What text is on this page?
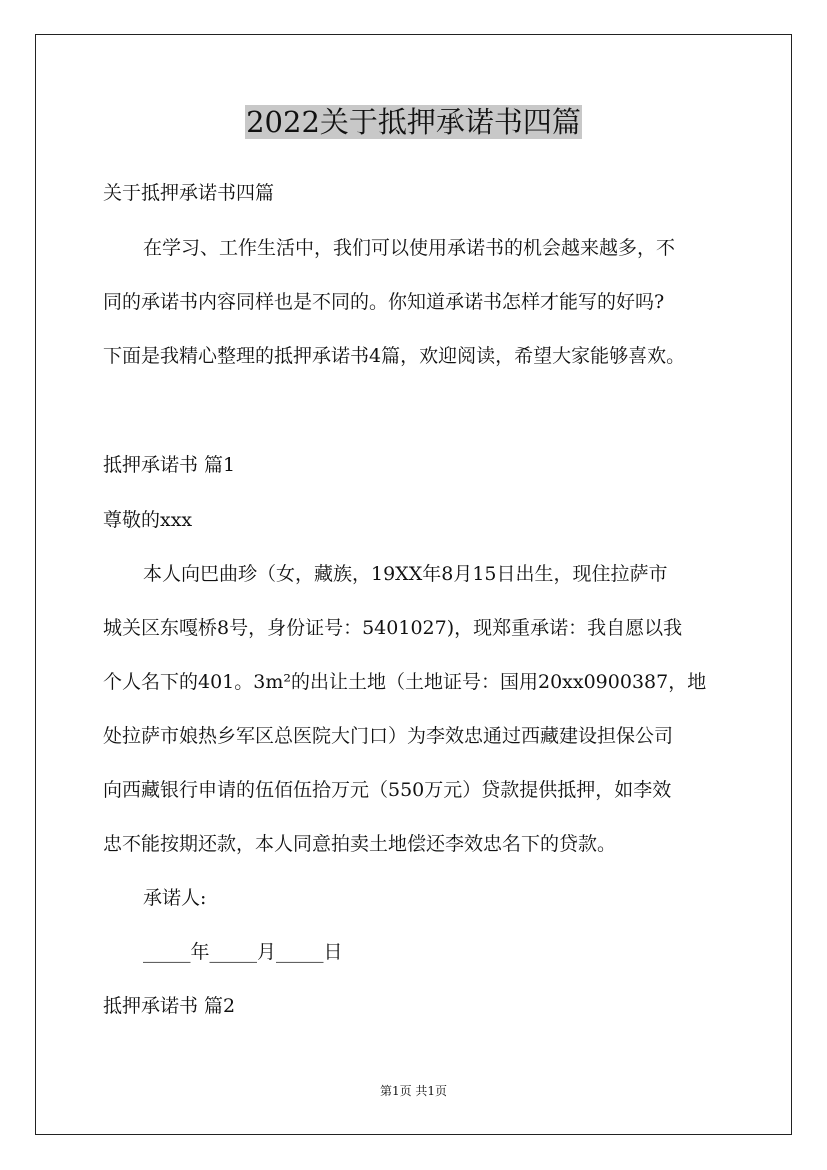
2022关于抵押承诺书四篇

关于抵押承诺书四篇

在学习、工作生活中，我们可以使用承诺书的机会越来越多，不

同的承诺书内容同样也是不同的。你知道承诺书怎样才能写的好吗?

下面是我精心整理的抵押承诺书4篇，欢迎阅读，希望大家能够喜欢。

抵押承诺书 篇1

尊敬的xxx

本人向巴曲珍（女，藏族，19XX年8月15日出生，现住拉萨市

城关区东嘎桥8号，身份证号：5401027)，现郑重承诺：我自愿以我

个人名下的401。3m²的出让土地（土地证号：国用20xx0900387，地

处拉萨市娘热乡军区总医院大门口）为李效忠通过西藏建设担保公司

向西藏银行申请的伍佰伍拾万元（550万元）贷款提供抵押，如李效

忠不能按期还款，本人同意拍卖土地偿还李效忠名下的贷款。

承诺人:

_____年_____月_____日

抵押承诺书 篇2

第1页 共1页
